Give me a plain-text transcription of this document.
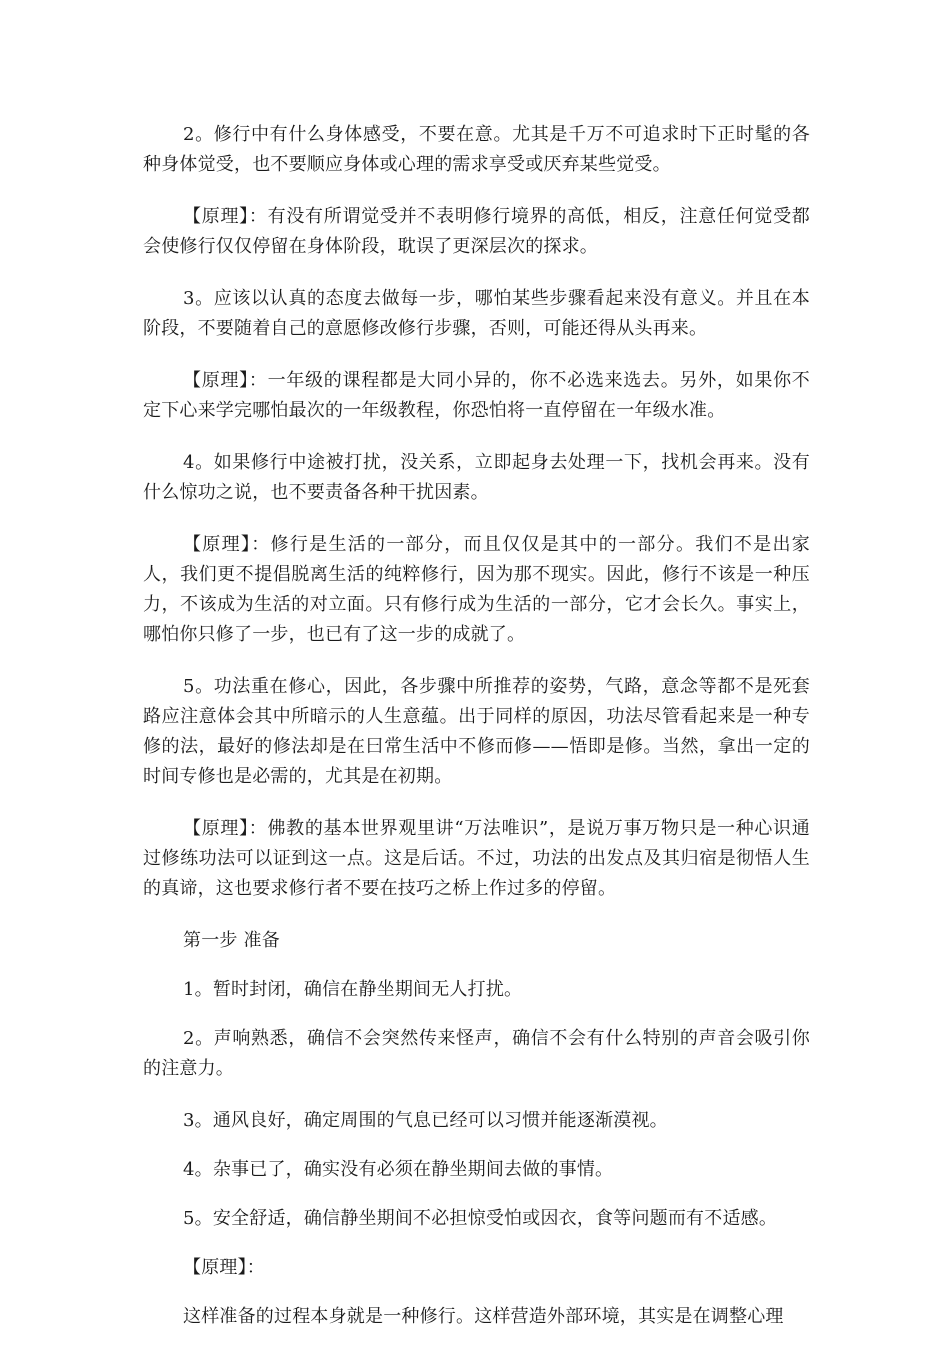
2。修行中有什么身体感受，不要在意。尤其是千万不可追求时下正时髦的各种身体觉受，也不要顺应身体或心理的需求享受或厌弃某些觉受。

【原理】：有没有所谓觉受并不表明修行境界的高低，相反，注意任何觉受都会使修行仅仅停留在身体阶段，耽误了更深层次的探求。

3。应该以认真的态度去做每一步，哪怕某些步骤看起来没有意义。并且在本阶段，不要随着自己的意愿修改修行步骤，否则，可能还得从头再来。

【原理】：一年级的课程都是大同小异的，你不必选来选去。另外，如果你不定下心来学完哪怕最次的一年级教程，你恐怕将一直停留在一年级水准。

4。如果修行中途被打扰，没关系，立即起身去处理一下，找机会再来。没有什么惊功之说，也不要责备各种干扰因素。

【原理】：修行是生活的一部分，而且仅仅是其中的一部分。我们不是出家人，我们更不提倡脱离生活的纯粹修行，因为那不现实。因此，修行不该是一种压力，不该成为生活的对立面。只有修行成为生活的一部分，它才会长久。事实上，哪怕你只修了一步，也已有了这一步的成就了。

5。功法重在修心，因此，各步骤中所推荐的姿势，气路，意念等都不是死套路应注意体会其中所暗示的人生意蕴。出于同样的原因，功法尽管看起来是一种专修的法，最好的修法却是在曰常生活中不修而修——悟即是修。当然，拿出一定的时间专修也是必需的，尤其是在初期。

【原理】：佛教的基本世界观里讲“万法唯识”，是说万事万物只是一种心识通过修练功法可以证到这一点。这是后话。不过，功法的出发点及其归宿是彻悟人生的真谛，这也要求修行者不要在技巧之桥上作过多的停留。

第一步 准备

1。暂时封闭，确信在静坐期间无人打扰。

2。声响熟悉，确信不会突然传来怪声，确信不会有什么特别的声音会吸引你的注意力。

3。通风良好，确定周围的气息已经可以习惯并能逐渐漠视。

4。杂事已了，确实没有必须在静坐期间去做的事情。

5。安全舒适，确信静坐期间不必担惊受怕或因衣，食等问题而有不适感。

【原理】：

这样准备的过程本身就是一种修行。这样营造外部环境，其实是在调整心理
